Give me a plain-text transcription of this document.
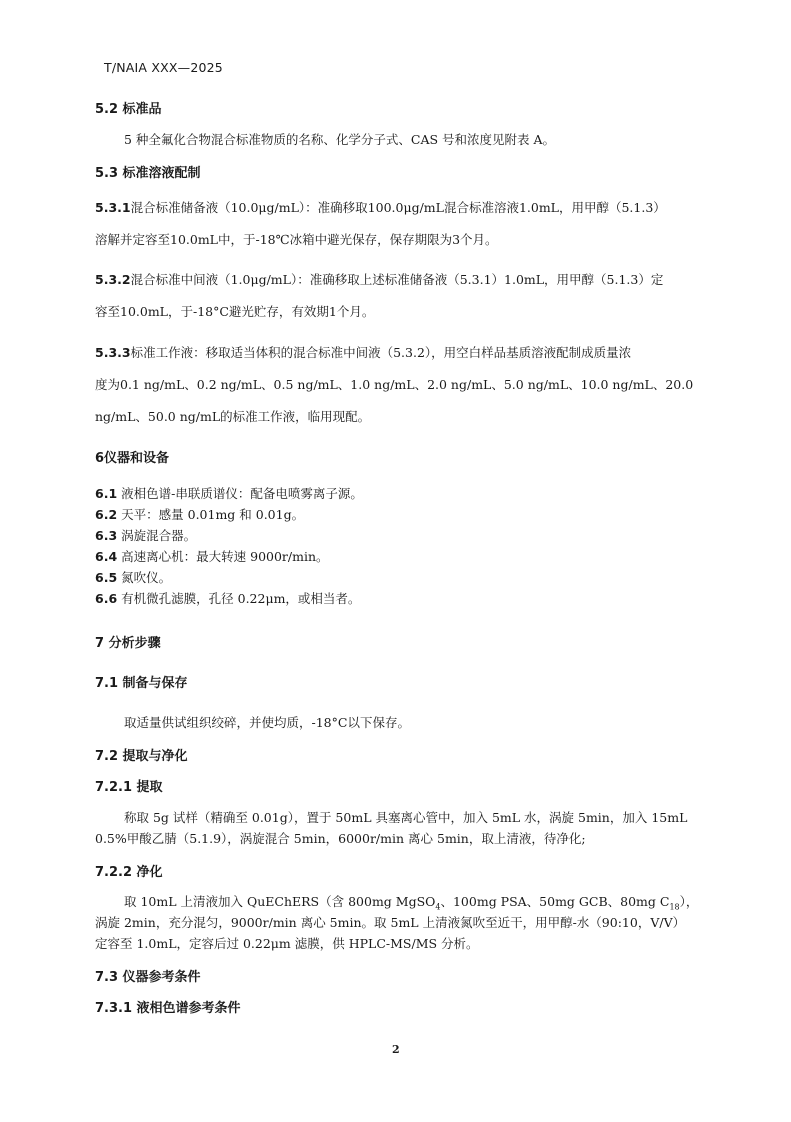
T/NAIA XXX—2025
5.2 标准品
5 种全氟化合物混合标准物质的名称、化学分子式、CAS 号和浓度见附表 A。
5.3 标准溶液配制
5.3.1混合标准储备液（10.0μg/mL）：准确移取100.0μg/mL混合标准溶液1.0mL，用甲醇（5.1.3）
溶解并定容至10.0mL中，于-18℃冰箱中避光保存，保存期限为3个月。
5.3.2混合标准中间液（1.0μg/mL）：准确移取上述标准储备液（5.3.1）1.0mL，用甲醇（5.1.3）定
容至10.0mL，于-18°C避光贮存，有效期1个月。
5.3.3标准工作液：移取适当体积的混合标准中间液（5.3.2），用空白样品基质溶液配制成质量浓
度为0.1 ng/mL、0.2 ng/mL、0.5 ng/mL、1.0 ng/mL、2.0 ng/mL、5.0 ng/mL、10.0 ng/mL、20.0
ng/mL、50.0 ng/mL的标准工作液，临用现配。
6仪器和设备
6.1 液相色谱-串联质谱仪：配备电喷雾离子源。
6.2 天平：感量 0.01mg 和 0.01g。
6.3 涡旋混合器。
6.4 高速离心机：最大转速 9000r/min。
6.5 氮吹仪。
6.6 有机微孔滤膜，孔径 0.22μm，或相当者。
7 分析步骤
7.1 制备与保存
取适量供试组织绞碎，并使均质，-18°C以下保存。
7.2 提取与净化
7.2.1 提取
称取 5g 试样（精确至 0.01g），置于 50mL 具塞离心管中，加入 5mL 水，涡旋 5min，加入 15mL
0.5%甲酸乙腈（5.1.9），涡旋混合 5min，6000r/min 离心 5min，取上清液，待净化;
7.2.2 净化
取 10mL 上清液加入 QuEChERS（含 800mg MgSO$_4$、100mg PSA、50mg GCB、80mg $C_{18}$），
涡旋 2min，充分混匀，9000r/min 离心 5min。取 5mL 上清液氮吹至近干，用甲醇-水（90:10，V/V）
定容至 1.0mL，定容后过 0.22μm 滤膜，供 HPLC-MS/MS 分析。
7.3 仪器参考条件
7.3.1 液相色谱参考条件
2
